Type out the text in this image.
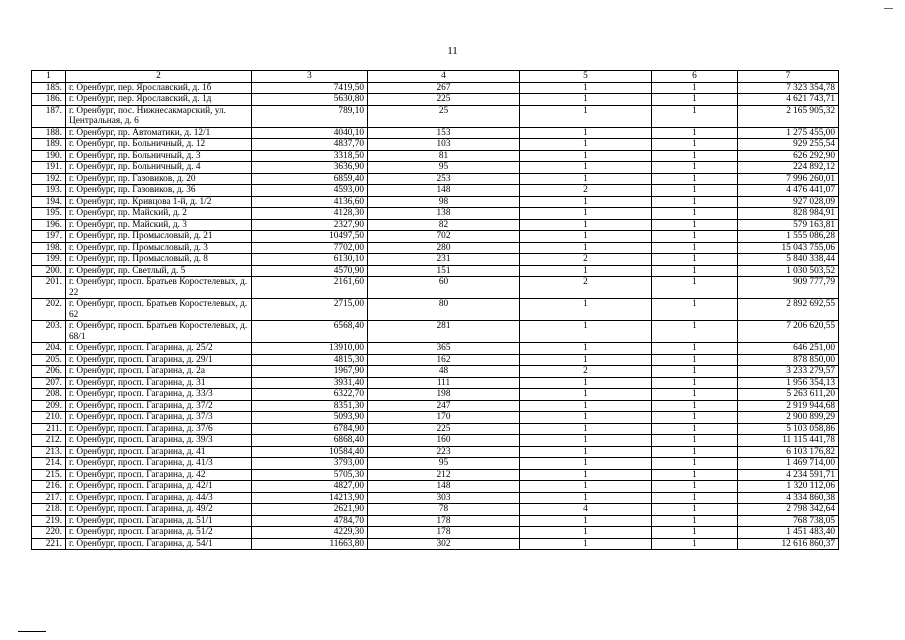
11
1	2	3	4	5	6	7
185.	г. Оренбург, пер. Ярославский, д. 1б	7419,50	267	1	1	7 323 354,78
186.	г. Оренбург, пер. Ярославский, д. 1д	5630,80	225	1	1	4 621 743,71
187.	г. Оренбург, пос. Нижнесакмарский, ул. Центральная, д. 6	789,10	25	1	1	2 165 905,32
188.	г. Оренбург, пр. Автоматики, д. 12/1	4040,10	153	1	1	1 275 455,00
189.	г. Оренбург, пр. Больничный, д. 12	4837,70	103	1	1	929 255,54
190.	г. Оренбург, пр. Больничный, д. 3	3318,50	81	1	1	626 292,90
191.	г. Оренбург, пр. Больничный, д. 4	3636,90	95	1	1	224 892,12
192.	г. Оренбург, пр. Газовиков, д. 20	6859,40	253	1	1	7 996 260,01
193.	г. Оренбург, пр. Газовиков, д. 36	4593,00	148	2	1	4 476 441,07
194.	г. Оренбург, пр. Кривцова 1-й, д. 1/2	4136,60	98	1	1	927 028,09
195.	г. Оренбург, пр. Майский, д. 2	4128,30	138	1	1	828 984,91
196.	г. Оренбург, пр. Майский, д. 3	2327,90	82	1	1	579 163,81
197.	г. Оренбург, пр. Промысловый, д. 21	10497,50	702	1	1	1 555 086,28
198.	г. Оренбург, пр. Промысловый, д. 3	7702,00	280	1	1	15 043 755,06
199.	г. Оренбург, пр. Промысловый, д. 8	6130,10	231	2	1	5 840 338,44
200.	г. Оренбург, пр. Светлый, д. 5	4570,90	151	1	1	1 030 503,52
201.	г. Оренбург, просп. Братьев Коростелевых, д. 22	2161,60	60	2	1	909 777,79
202.	г. Оренбург, просп. Братьев Коростелевых, д. 62	2715,00	80	1	1	2 892 692,55
203.	г. Оренбург, просп. Братьев Коростелевых, д. 68/1	6568,40	281	1	1	7 206 620,55
204.	г. Оренбург, просп. Гагарина, д. 25/2	13910,00	365	1	1	646 251,00
205.	г. Оренбург, просп. Гагарина, д. 29/1	4815,30	162	1	1	878 850,00
206.	г. Оренбург, просп. Гагарина, д. 2а	1967,90	48	2	1	3 233 279,57
207.	г. Оренбург, просп. Гагарина, д. 31	3931,40	111	1	1	1 956 354,13
208.	г. Оренбург, просп. Гагарина, д. 33/3	6322,70	198	1	1	5 263 611,20
209.	г. Оренбург, просп. Гагарина, д. 37/2	8351,30	247	1	1	2 919 944,68
210.	г. Оренбург, просп. Гагарина, д. 37/3	5093,90	170	1	1	2 900 899,29
211.	г. Оренбург, просп. Гагарина, д. 37/6	6784,90	225	1	1	5 103 058,86
212.	г. Оренбург, просп. Гагарина, д. 39/3	6868,40	160	1	1	11 115 441,78
213.	г. Оренбург, просп. Гагарина, д. 41	10584,40	223	1	1	6 103 176,82
214.	г. Оренбург, просп. Гагарина, д. 41/3	3793,00	95	1	1	1 469 714,00
215.	г. Оренбург, просп. Гагарина, д. 42	5705,30	212	1	1	4 234 591,71
216.	г. Оренбург, просп. Гагарина, д. 42/1	4827,00	148	1	1	1 320 112,06
217.	г. Оренбург, просп. Гагарина, д. 44/3	14213,90	303	1	1	4 334 860,38
218.	г. Оренбург, просп. Гагарина, д. 49/2	2621,90	78	4	1	2 798 342,64
219.	г. Оренбург, просп. Гагарина, д. 51/1	4784,70	178	1	1	768 738,05
220.	г. Оренбург, просп. Гагарина, д. 51/2	4229,30	178	1	1	1 451 483,40
221.	г. Оренбург, просп. Гагарина, д. 54/1	11663,80	302	1	1	12 616 860,37
